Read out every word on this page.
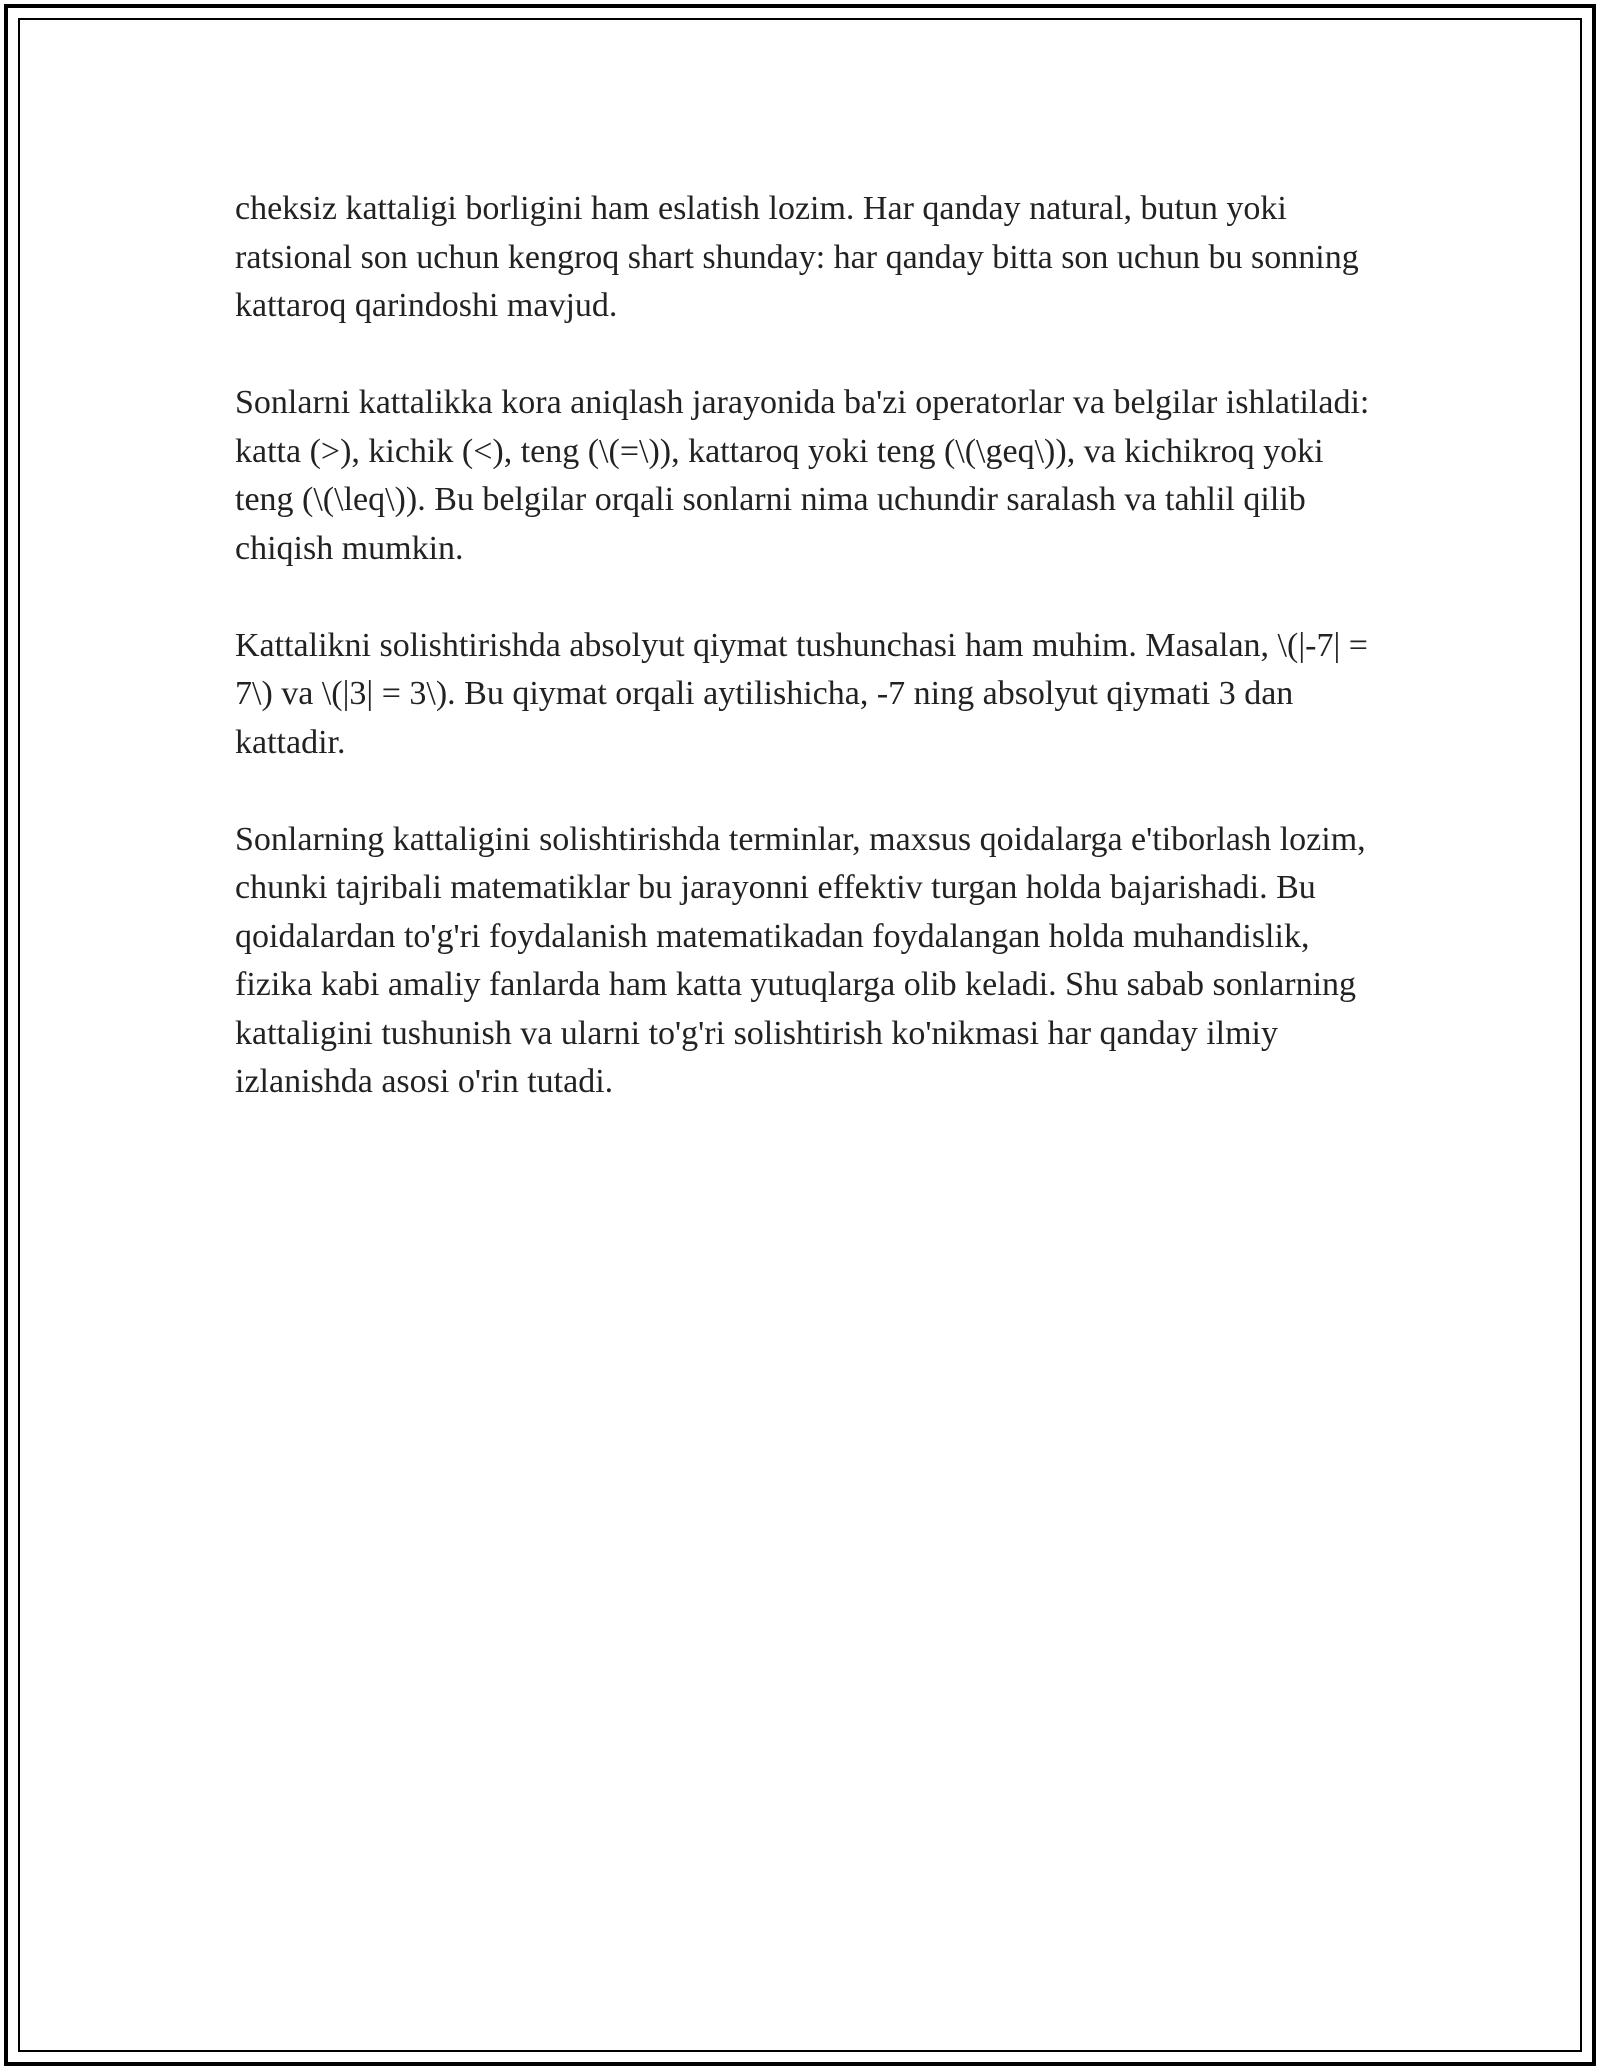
cheksiz kattaligi borligini ham eslatish lozim. Har qanday natural, butun yoki ratsional son uchun kengroq shart shunday: har qanday bitta son uchun bu sonning kattaroq qarindoshi mavjud.

Sonlarni kattalikka kora aniqlash jarayonida ba'zi operatorlar va belgilar ishlatiladi: katta (>), kichik (<), teng (\(=\)), kattaroq yoki teng (\(\geq\)), va kichikroq yoki teng (\(\leq\)). Bu belgilar orqali sonlarni nima uchundir saralash va tahlil qilib chiqish mumkin.

Kattalikni solishtirishda absolyut qiymat tushunchasi ham muhim. Masalan, \(|-7| = 7\) va \(|3| = 3\). Bu qiymat orqali aytilishicha, -7 ning absolyut qiymati 3 dan kattadir.

Sonlarning kattaligini solishtirishda terminlar, maxsus qoidalarga e'tiborlash lozim, chunki tajribali matematiklar bu jarayonni effektiv turgan holda bajarishadi. Bu qoidalardan to'g'ri foydalanish matematikadan foydalangan holda muhandislik, fizika kabi amaliy fanlarda ham katta yutuqlarga olib keladi. Shu sabab sonlarning kattaligini tushunish va ularni to'g'ri solishtirish ko'nikmasi har qanday ilmiy izlanishda asosi o'rin tutadi.
